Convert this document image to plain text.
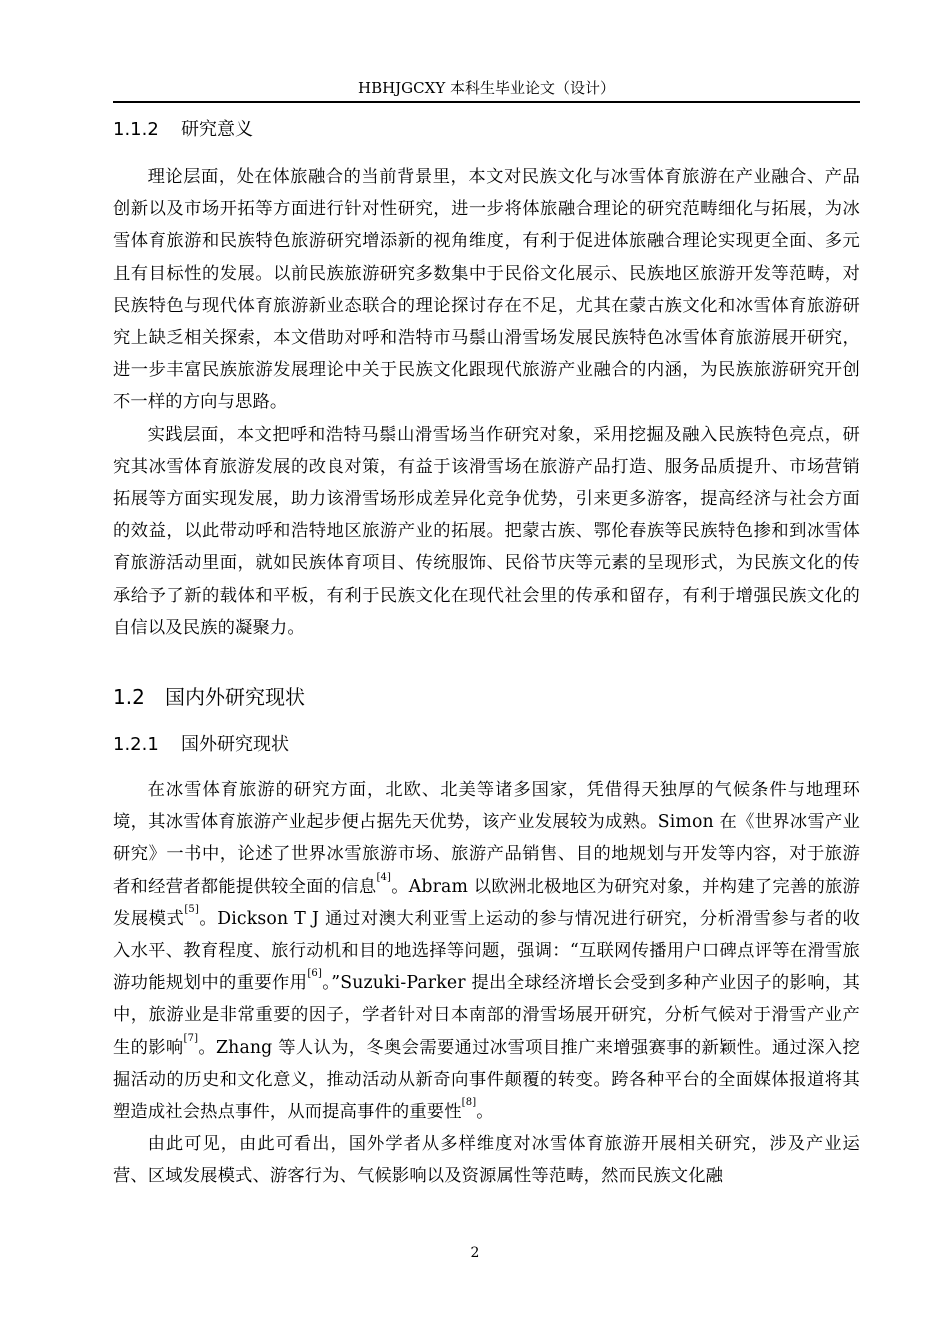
HBHJGCXY 本科生毕业论文（设计）
1.1.2 研究意义

理论层面，处在体旅融合的当前背景里，本文对民族文化与冰雪体育旅游在产业融合、产品创新以及市场开拓等方面进行针对性研究，进一步将体旅融合理论的研究范畴细化与拓展，为冰雪体育旅游和民族特色旅游研究增添新的视角维度，有利于促进体旅融合理论实现更全面、多元且有目标性的发展。以前民族旅游研究多数集中于民俗文化展示、民族地区旅游开发等范畴，对民族特色与现代体育旅游新业态联合的理论探讨存在不足，尤其在蒙古族文化和冰雪体育旅游研究上缺乏相关探索，本文借助对呼和浩特市马鬃山滑雪场发展民族特色冰雪体育旅游展开研究，进一步丰富民族旅游发展理论中关于民族文化跟现代旅游产业融合的内涵，为民族旅游研究开创不一样的方向与思路。

实践层面，本文把呼和浩特马鬃山滑雪场当作研究对象，采用挖掘及融入民族特色亮点，研究其冰雪体育旅游发展的改良对策，有益于该滑雪场在旅游产品打造、服务品质提升、市场营销拓展等方面实现发展，助力该滑雪场形成差异化竞争优势，引来更多游客，提高经济与社会方面的效益，以此带动呼和浩特地区旅游产业的拓展。把蒙古族、鄂伦春族等民族特色掺和到冰雪体育旅游活动里面，就如民族体育项目、传统服饰、民俗节庆等元素的呈现形式，为民族文化的传承给予了新的载体和平板，有利于民族文化在现代社会里的传承和留存，有利于增强民族文化的自信以及民族的凝聚力。

1.2 国内外研究现状
1.2.1 国外研究现状

在冰雪体育旅游的研究方面，北欧、北美等诸多国家，凭借得天独厚的气候条件与地理环境，其冰雪体育旅游产业起步便占据先天优势，该产业发展较为成熟。Simon 在《世界冰雪产业研究》一书中，论述了世界冰雪旅游市场、旅游产品销售、目的地规划与开发等内容，对于旅游者和经营者都能提供较全面的信息[4]。Abram 以欧洲北极地区为研究对象，并构建了完善的旅游发展模式[5]。Dickson T J 通过对澳大利亚雪上运动的参与情况进行研究，分析滑雪参与者的收入水平、教育程度、旅行动机和目的地选择等问题，强调：“互联网传播用户口碑点评等在滑雪旅游功能规划中的重要作用[6]。”Suzuki-Parker 提出全球经济增长会受到多种产业因子的影响，其中，旅游业是非常重要的因子，学者针对日本南部的滑雪场展开研究，分析气候对于滑雪产业产生的影响[7]。Zhang 等人认为，冬奥会需要通过冰雪项目推广来增强赛事的新颖性。通过深入挖掘活动的历史和文化意义，推动活动从新奇向事件颠覆的转变。跨各种平台的全面媒体报道将其塑造成社会热点事件，从而提高事件的重要性[8]。

由此可见，由此可看出，国外学者从多样维度对冰雪体育旅游开展相关研究，涉及产业运营、区域发展模式、游客行为、气候影响以及资源属性等范畴，然而民族文化融

2
